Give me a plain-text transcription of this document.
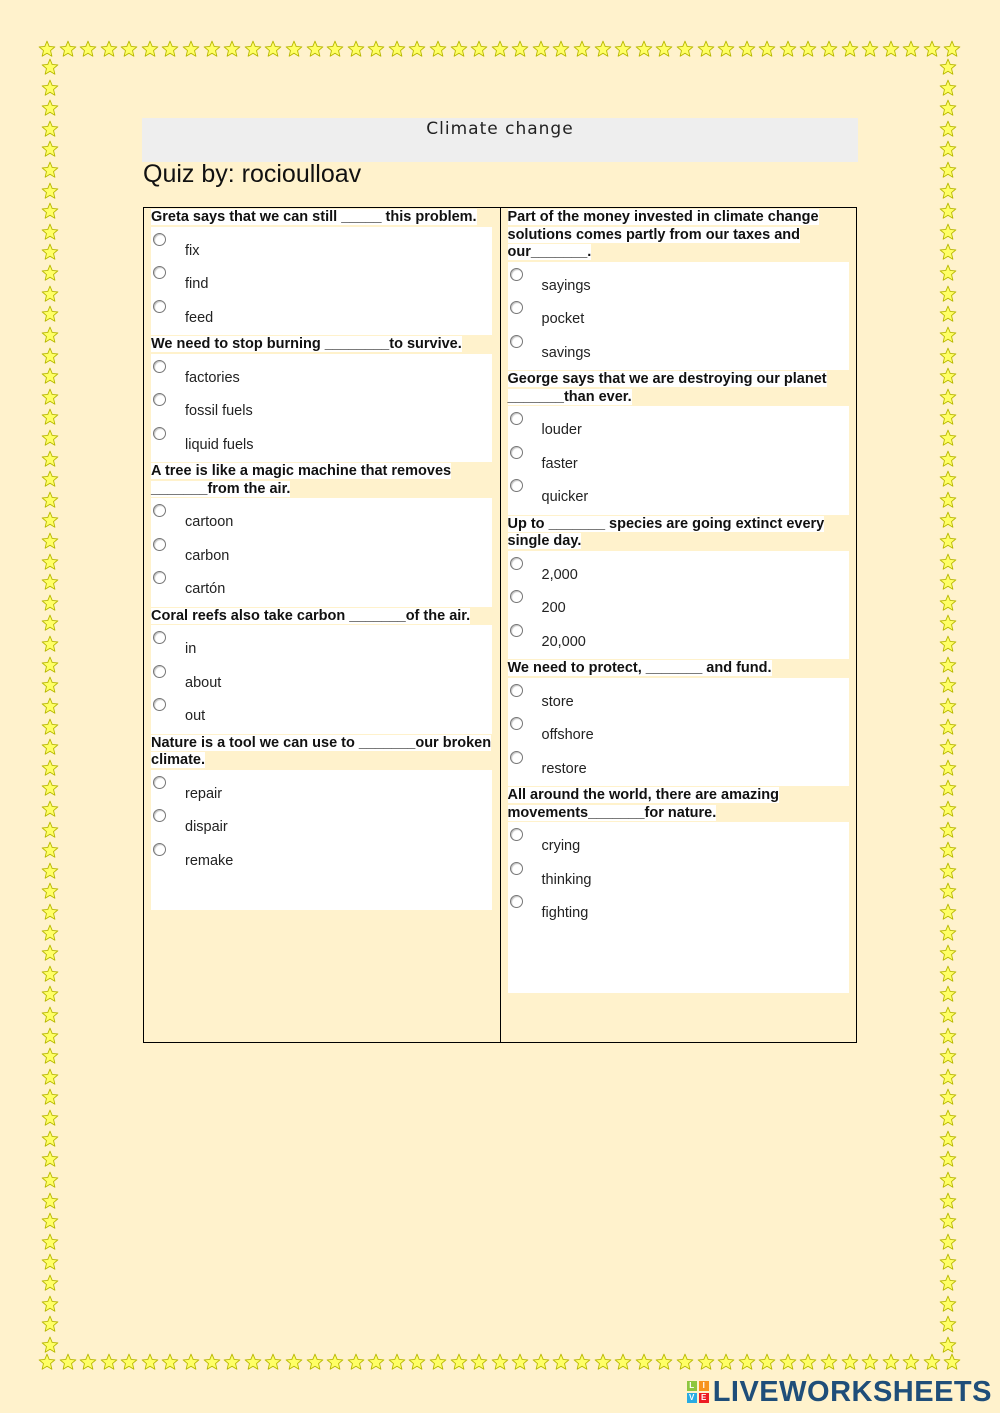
Climate change
Quiz by: rocioulloav
Greta says that we can still _____ this problem.
fix
find
feed
We need to stop burning ________to survive.
factories
fossil fuels
liquid fuels
A tree is like a magic machine that removes _______from the air.
cartoon
carbon
cartón
Coral reefs also take carbon _______of the air.
in
about
out
Nature is a tool we can use to _______our broken climate.
repair
dispair
remake
Part of the money invested in climate change solutions comes partly from our taxes and our_______.
sayings
pocket
savings
George says that we are destroying our planet _______than ever.
louder
faster
quicker
Up to _______ species are going extinct every single day.
2,000
200
20,000
We need to protect, _______ and fund.
store
offshore
restore
All around the world, there are amazing movements_______for nature.
crying
thinking
fighting
L	I
V E LIVEWORKSHEETS
